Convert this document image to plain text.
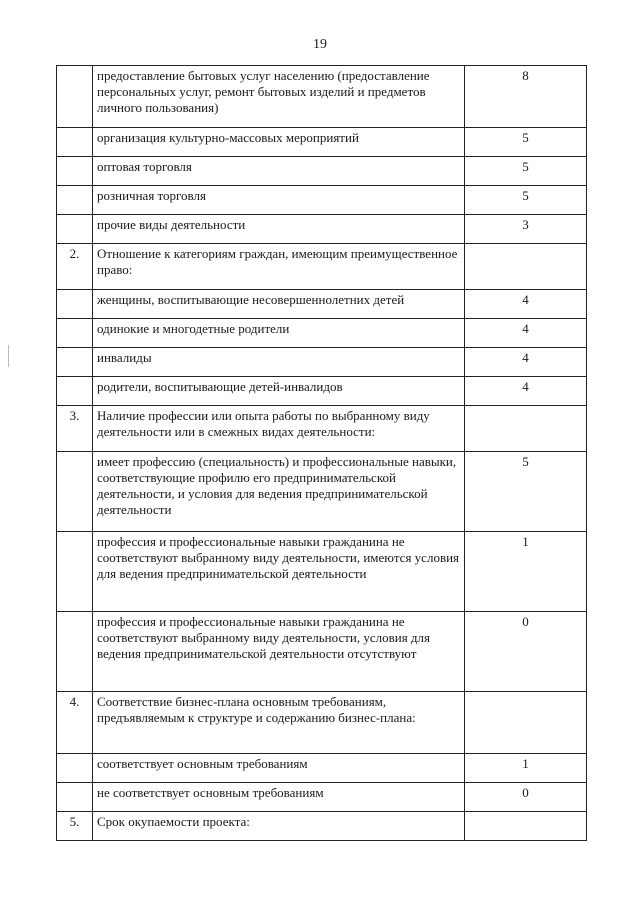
19
	предоставление бытовых услуг населению (предоставление персональных услуг, ремонт бытовых изделий и предметов личного пользования)	8
	организация культурно-массовых мероприятий	5
	оптовая торговля	5
	розничная торговля	5
	прочие виды деятельности	3
2.	Отношение к категориям граждан, имеющим преимущественное право:	
	женщины, воспитывающие несовершеннолетних детей	4
	одинокие и многодетные родители	4
	инвалиды	4
	родители, воспитывающие детей-инвалидов	4
3.	Наличие профессии или опыта работы по выбранному виду деятельности или в смежных видах деятельности:	
	имеет профессию (специальность) и профессиональные навыки, соответствующие профилю его предпринимательской деятельности, и условия для ведения предпринимательской деятельности	5
	профессия и профессиональные навыки гражданина не соответствуют выбранному виду деятельности, имеются условия для ведения предпринимательской деятельности	1
	профессия и профессиональные навыки гражданина не соответствуют выбранному виду деятельности, условия для ведения предпринимательской деятельности отсутствуют	0
4.	Соответствие бизнес-плана основным требованиям, предъявляемым к структуре и содержанию бизнес-плана:	
	соответствует основным требованиям	1
	не соответствует основным требованиям	0
5.	Срок окупаемости проекта:	
